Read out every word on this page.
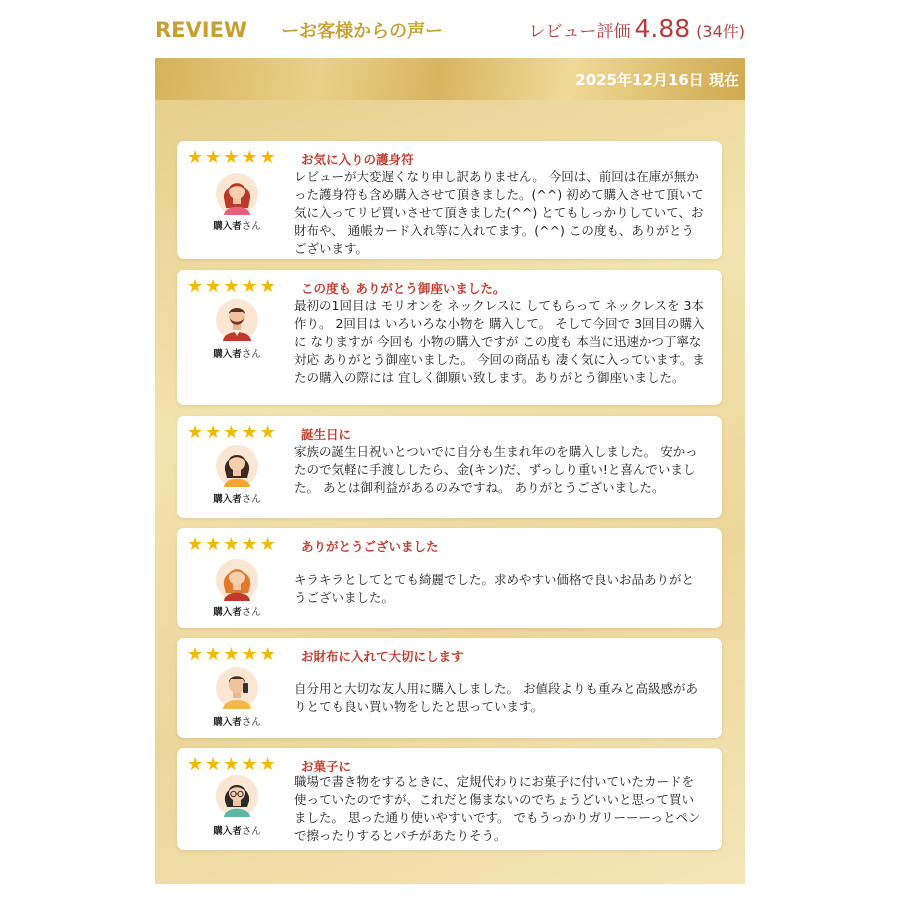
REVIEW ーお客様からの声ー	レビュー評価 4.88 (34件)
2025年12月16日 現在
★ ★ ★ ★ ★ お気に入りの護身符
レビューが大変遅くなり申し訳ありません。 今回は、前回は在庫が無かった護身符も含め購入させて頂きました。(^^) 初めて購入させて頂いて気に入ってリピ買いさせて頂きました(^^) とてもしっかりしていて、お財布や、 通帳カード入れ等に入れてます。(^^) この度も、ありがとうございます。
購入者さん
★ ★ ★ ★ ★ この度も ありがとう御座いました。
最初の1回目は モリオンを ネックレスに してもらって ネックレスを 3本 作り。 2回目は いろいろな小物を 購入して。 そして今回で 3回目の購入に なりますが 今回も 小物の購入ですが この度も 本当に迅速かつ丁寧な対応 ありがとう御座いました。 今回の商品も 凄く気に入っています。またの購入の際には 宜しく御願い致します。ありがとう御座いました。
購入者さん
★ ★ ★ ★ ★ 誕生日に
家族の誕生日祝いとついでに自分も生まれ年のを購入しました。 安かったので気軽に手渡ししたら、金(キン)だ、ずっしり重い!と喜んでいました。 あとは御利益があるのみですね。 ありがとうございました。
購入者さん
★ ★ ★ ★ ★ ありがとうございました
キラキラとしてとても綺麗でした。求めやすい価格で良いお品ありがとうございました。
購入者さん
★ ★ ★ ★ ★ お財布に入れて大切にします
自分用と大切な友人用に購入しました。 お値段よりも重みと高級感がありとても良い買い物をしたと思っています。
購入者さん
★ ★ ★ ★ ★ お菓子に
職場で書き物をするときに、定規代わりにお菓子に付いていたカードを使っていたのですが、これだと傷まないのでちょうどいいと思って買いました。 思った通り使いやすいです。 でもうっかりガリーーーっとペンで擦ったりするとパチがあたりそう。
購入者さん
